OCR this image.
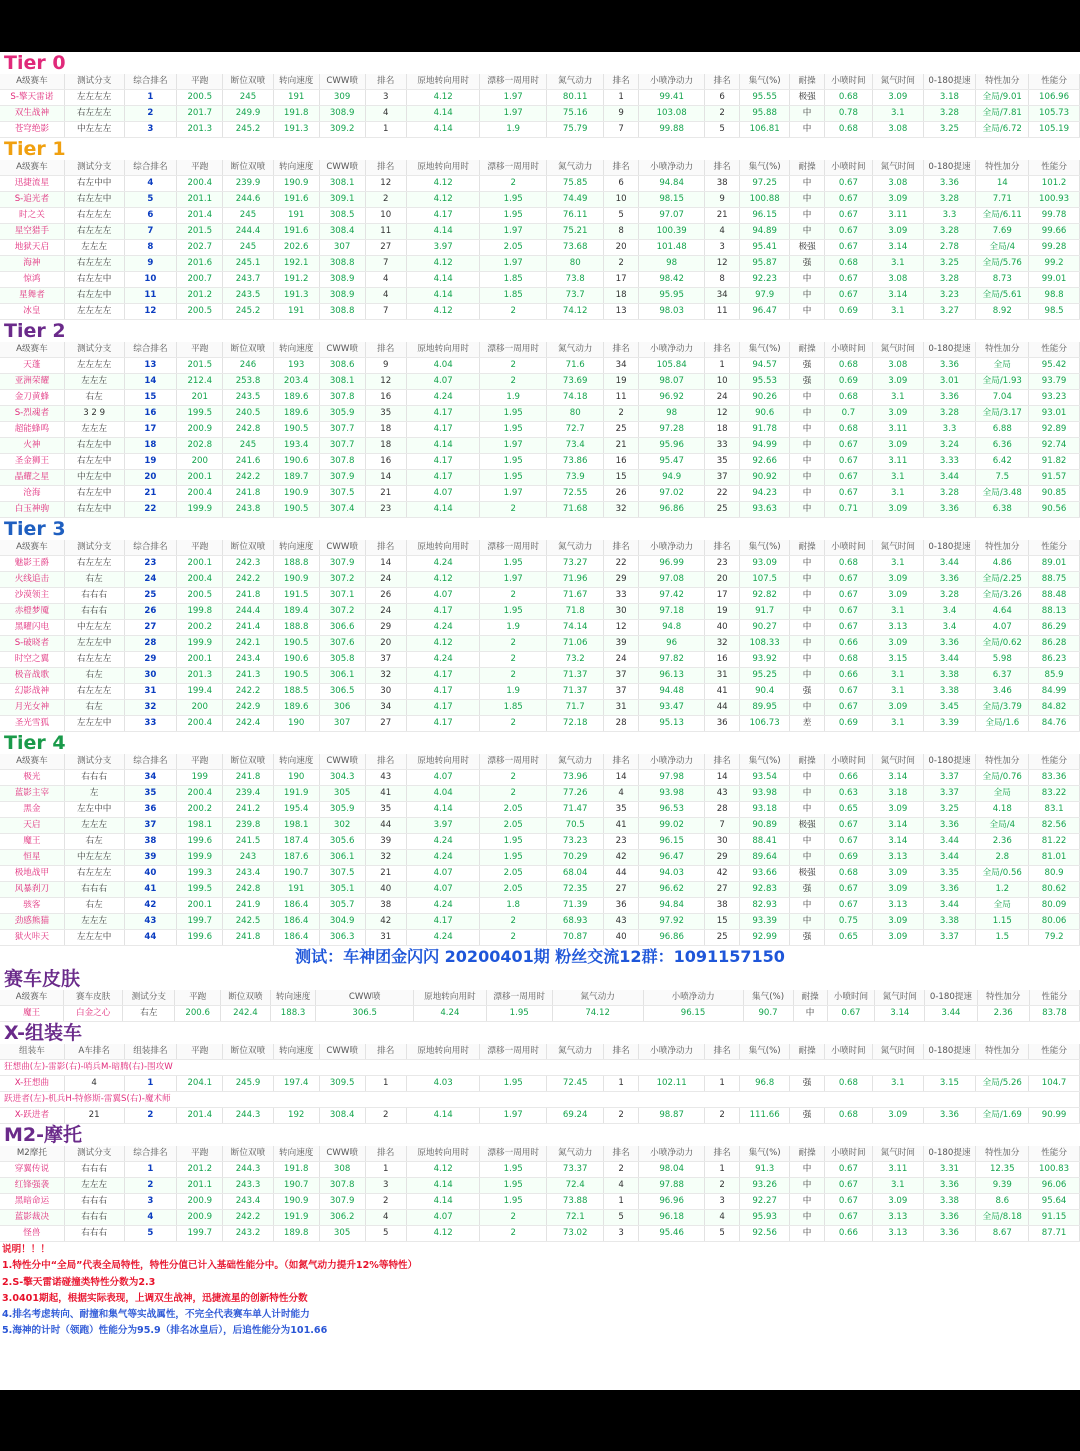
Tier 0
A级赛车	测试分支	综合排名	平跑	断位双喷	转向速度	CWW喷	排名	原地转向用时	漂移一周用时	氮气动力	排名	小喷净动力	排名	集气(%)	耐操	小喷时间	氮气时间	0-180提速	特性加分	性能分
S-擎天雷诺	左左左左	1	200.5	245	191	309	3	4.12	1.97	80.11	1	99.41	6	95.55	极强	0.68	3.09	3.18	全局/9.01	106.96
双生战神	右左左左	2	201.7	249.9	191.8	308.9	4	4.14	1.97	75.16	9	103.08	2	95.88	中	0.78	3.1	3.28	全局/7.81	105.73
苍穹绝影	中左左左	3	201.3	245.2	191.3	309.2	1	4.14	1.9	75.79	7	99.88	5	106.81	中	0.68	3.08	3.25	全局/6.72	105.19
Tier 1
A级赛车	测试分支	综合排名	平跑	断位双喷	转向速度	CWW喷	排名	原地转向用时	漂移一周用时	氮气动力	排名	小喷净动力	排名	集气(%)	耐操	小喷时间	氮气时间	0-180提速	特性加分	性能分
迅捷流星	右左中中	4	200.4	239.9	190.9	308.1	12	4.12	2	75.85	6	94.84	38	97.25	中	0.67	3.08	3.36	14	101.2
S-追光者	右左左中	5	201.1	244.6	191.6	309.1	2	4.12	1.95	74.49	10	98.15	9	100.88	中	0.67	3.09	3.28	7.71	100.93
时之关	右左左左	6	201.4	245	191	308.5	10	4.17	1.95	76.11	5	97.07	21	96.15	中	0.67	3.11	3.3	全局/6.11	99.78
星空猎手	右左左左	7	201.5	244.4	191.6	308.4	11	4.14	1.97	75.21	8	100.39	4	94.89	中	0.67	3.09	3.28	7.69	99.66
地狱天启	左左左	8	202.7	245	202.6	307	27	3.97	2.05	73.68	20	101.48	3	95.41	极强	0.67	3.14	2.78	全局/4	99.28
海神	右左左左	9	201.6	245.1	192.1	308.8	7	4.12	1.97	80	2	98	12	95.87	强	0.68	3.1	3.25	全局/5.76	99.2
惊鸿	右左左中	10	200.7	243.7	191.2	308.9	4	4.14	1.85	73.8	17	98.42	8	92.23	中	0.67	3.08	3.28	8.73	99.01
星舞者	右左左中	11	201.2	243.5	191.3	308.9	4	4.14	1.85	73.7	18	95.95	34	97.9	中	0.67	3.14	3.23	全局/5.61	98.8
冰皇	左左左左	12	200.5	245.2	191	308.8	7	4.12	2	74.12	13	98.03	11	96.47	中	0.69	3.1	3.27	8.92	98.5
Tier 2
A级赛车	测试分支	综合排名	平跑	断位双喷	转向速度	CWW喷	排名	原地转向用时	漂移一周用时	氮气动力	排名	小喷净动力	排名	集气(%)	耐操	小喷时间	氮气时间	0-180提速	特性加分	性能分
天蓬	左左左左	13	201.5	246	193	308.6	9	4.04	2	71.6	34	105.84	1	94.57	强	0.68	3.08	3.36	全局	95.42
亚洲荣耀	左左左	14	212.4	253.8	203.4	308.1	12	4.07	2	73.69	19	98.07	10	95.53	强	0.69	3.09	3.01	全局/1.93	93.79
金刀黄蜂	右左	15	201	243.5	189.6	307.8	16	4.24	1.9	74.18	11	96.92	24	90.26	中	0.68	3.1	3.36	7.04	93.23
S-烈魂者	3 2 9	16	199.5	240.5	189.6	305.9	35	4.17	1.95	80	2	98	12	90.6	中	0.7	3.09	3.28	全局/3.17	93.01
超能蜂鸣	左左左	17	200.9	242.8	190.5	307.7	18	4.17	1.95	72.7	25	97.28	18	91.78	中	0.68	3.11	3.3	6.88	92.89
火神	右左左中	18	202.8	245	193.4	307.7	18	4.14	1.97	73.4	21	95.96	33	94.99	中	0.67	3.09	3.24	6.36	92.74
圣金狮王	右左左中	19	200	241.6	190.6	307.8	16	4.17	1.95	73.86	16	95.47	35	92.66	中	0.67	3.11	3.33	6.42	91.82
晶耀之星	中左左中	20	200.1	242.2	189.7	307.9	14	4.17	1.95	73.9	15	94.9	37	90.92	中	0.67	3.1	3.44	7.5	91.57
沧海	右左左中	21	200.4	241.8	190.9	307.5	21	4.07	1.97	72.55	26	97.02	22	94.23	中	0.67	3.1	3.28	全局/3.48	90.85
白玉神驹	右左左中	22	199.9	243.8	190.5	307.4	23	4.14	2	71.68	32	96.86	25	93.63	中	0.71	3.09	3.36	6.38	90.56
Tier 3
A级赛车	测试分支	综合排名	平跑	断位双喷	转向速度	CWW喷	排名	原地转向用时	漂移一周用时	氮气动力	排名	小喷净动力	排名	集气(%)	耐操	小喷时间	氮气时间	0-180提速	特性加分	性能分
魅影王爵	右左左左	23	200.1	242.3	188.8	307.9	14	4.24	1.95	73.27	22	96.99	23	93.09	中	0.68	3.1	3.44	4.86	89.01
火线追击	右左	24	200.4	242.2	190.9	307.2	24	4.12	1.97	71.96	29	97.08	20	107.5	中	0.67	3.09	3.36	全局/2.25	88.75
沙漠领主	右右右	25	200.5	241.8	191.5	307.1	26	4.07	2	71.67	33	97.42	17	92.82	中	0.67	3.09	3.28	全局/3.26	88.48
赤橙梦魇	右右右	26	199.8	244.4	189.4	307.2	24	4.17	1.95	71.8	30	97.18	19	91.7	中	0.67	3.1	3.4	4.64	88.13
黑曜闪电	中左左左	27	200.2	241.4	188.8	306.6	29	4.24	1.9	74.14	12	94.8	40	90.27	中	0.67	3.13	3.4	4.07	86.29
S-破晓者	左左左中	28	199.9	242.1	190.5	307.6	20	4.12	2	71.06	39	96	32	108.33	中	0.66	3.09	3.36	全局/0.62	86.28
时空之翼	右左左左	29	200.1	243.4	190.6	305.8	37	4.24	2	73.2	24	97.82	16	93.92	中	0.68	3.15	3.44	5.98	86.23
极音战歌	右左	30	201.3	241.3	190.5	306.1	32	4.17	2	71.37	37	96.13	31	95.25	中	0.66	3.1	3.38	6.37	85.9
幻影战神	右左左左	31	199.4	242.2	188.5	306.5	30	4.17	1.9	71.37	37	94.48	41	90.4	强	0.67	3.1	3.38	3.46	84.99
月光女神	右左	32	200	242.9	189.6	306	34	4.17	1.85	71.7	31	93.47	44	89.95	中	0.67	3.09	3.45	全局/3.79	84.82
圣光雪狐	左左左中	33	200.4	242.4	190	307	27	4.17	2	72.18	28	95.13	36	106.73	差	0.69	3.1	3.39	全局/1.6	84.76
Tier 4
A级赛车	测试分支	综合排名	平跑	断位双喷	转向速度	CWW喷	排名	原地转向用时	漂移一周用时	氮气动力	排名	小喷净动力	排名	集气(%)	耐操	小喷时间	氮气时间	0-180提速	特性加分	性能分
极光	右右右	34	199	241.8	190	304.3	43	4.07	2	73.96	14	97.98	14	93.54	中	0.66	3.14	3.37	全局/0.76	83.36
蓝影主宰	左	35	200.4	239.4	191.9	305	41	4.04	2	77.26	4	93.98	43	93.98	中	0.63	3.18	3.37	全局	83.22
黑金	左左中中	36	200.2	241.2	195.4	305.9	35	4.14	2.05	71.47	35	96.53	28	93.18	中	0.65	3.09	3.25	4.18	83.1
天启	左左左	37	198.1	239.8	198.1	302	44	3.97	2.05	70.5	41	99.02	7	90.89	极强	0.67	3.14	3.36	全局/4	82.56
魔王	右左	38	199.6	241.5	187.4	305.6	39	4.24	1.95	73.23	23	96.15	30	88.41	中	0.67	3.14	3.44	2.36	81.22
恒星	中左左左	39	199.9	243	187.6	306.1	32	4.24	1.95	70.29	42	96.47	29	89.64	中	0.69	3.13	3.44	2.8	81.01
极地战甲	右左左左	40	199.3	243.4	190.7	307.5	21	4.07	2.05	68.04	44	94.03	42	93.66	极强	0.68	3.09	3.35	全局/0.56	80.9
风暴刹刀	右右右	41	199.5	242.8	191	305.1	40	4.07	2.05	72.35	27	96.62	27	92.83	强	0.67	3.09	3.36	1.2	80.62
骇客	右左	42	200.1	241.9	186.4	305.7	38	4.24	1.8	71.39	36	94.84	38	82.93	中	0.67	3.13	3.44	全局	80.09
劲感熊猫	左左左	43	199.7	242.5	186.4	304.9	42	4.17	2	68.93	43	97.92	15	93.39	中	0.75	3.09	3.38	1.15	80.06
狱火咔天	左左左中	44	199.6	241.8	186.4	306.3	31	4.24	2	70.87	40	96.86	25	92.99	强	0.65	3.09	3.37	1.5	79.2
测试：车神团金闪闪 20200401期 粉丝交流12群：1091157150
赛车皮肤
A级赛车	赛车皮肤	测试分支	平跑	断位双喷	转向速度	CWW喷	原地转向用时	漂移一周用时	氮气动力	小喷净动力	集气(%)	耐操	小喷时间	氮气时间	0-180提速	特性加分	性能分
魔王	白金之心	右左	200.6	242.4	188.3	306.5	4.24	1.95	74.12	96.15	90.7	中	0.67	3.14	3.44	2.36	83.78
X-组装车
组装车	A车排名	组装排名	平跑	断位双喷	转向速度	CWW喷	排名	原地转向用时	漂移一周用时	氮气动力	排名	小喷净动力	排名	集气(%)	耐操	小喷时间	氮气时间	0-180提速	特性加分	性能分
狂想曲(左)-雷影(右)-哨兵M-暗腾(右)-围攻W																				
X-狂想曲	4	1	204.1	245.9	197.4	309.5	1	4.03	1.95	72.45	1	102.11	1	96.8	强	0.68	3.1	3.15	全局/5.26	104.7
跃进者(左)-机兵H-特修斯-雷翼S(右)-魔术师																				
X-跃进者	21	2	201.4	244.3	192	308.4	2	4.14	1.97	69.24	2	98.87	2	111.66	强	0.68	3.09	3.36	全局/1.69	90.99
M2-摩托
M2摩托	测试分支	综合排名	平跑	断位双喷	转向速度	CWW喷	排名	原地转向用时	漂移一周用时	氮气动力	排名	小喷净动力	排名	集气(%)	耐操	小喷时间	氮气时间	0-180提速	特性加分	性能分
穿翼传说	右右右	1	201.2	244.3	191.8	308	1	4.12	1.95	73.37	2	98.04	1	91.3	中	0.67	3.11	3.31	12.35	100.83
红锋强袭	左左左	2	201.1	243.3	190.7	307.8	3	4.14	1.95	72.4	4	97.88	2	93.26	中	0.67	3.1	3.36	9.39	96.06
黑暗命运	右右右	3	200.9	243.4	190.9	307.9	2	4.14	1.95	73.88	1	96.96	3	92.27	中	0.67	3.09	3.38	8.6	95.64
蓝影裁决	右右右	4	200.9	242.2	191.9	306.2	4	4.07	2	72.1	5	96.18	4	95.93	中	0.67	3.13	3.36	全局/8.18	91.15
怪兽	右右右	5	199.7	243.2	189.8	305	5	4.12	2	73.02	3	95.46	5	92.56	中	0.66	3.13	3.36	8.67	87.71
说明！！！
1.特性分中“全局”代表全局特性，特性分值已计入基础性能分中。（如氮气动力提升12%等特性）
2.S-擎天雷诺碰撞类特性分数为2.3
3.0401期起，根据实际表现，上调双生战神，迅捷流星的创新特性分数
4.排名考虑转向、耐撞和集气等实战属性，不完全代表赛车单人计时能力
5.海神的计时（领跑）性能分为95.9（排名冰皇后），后追性能分为101.66
